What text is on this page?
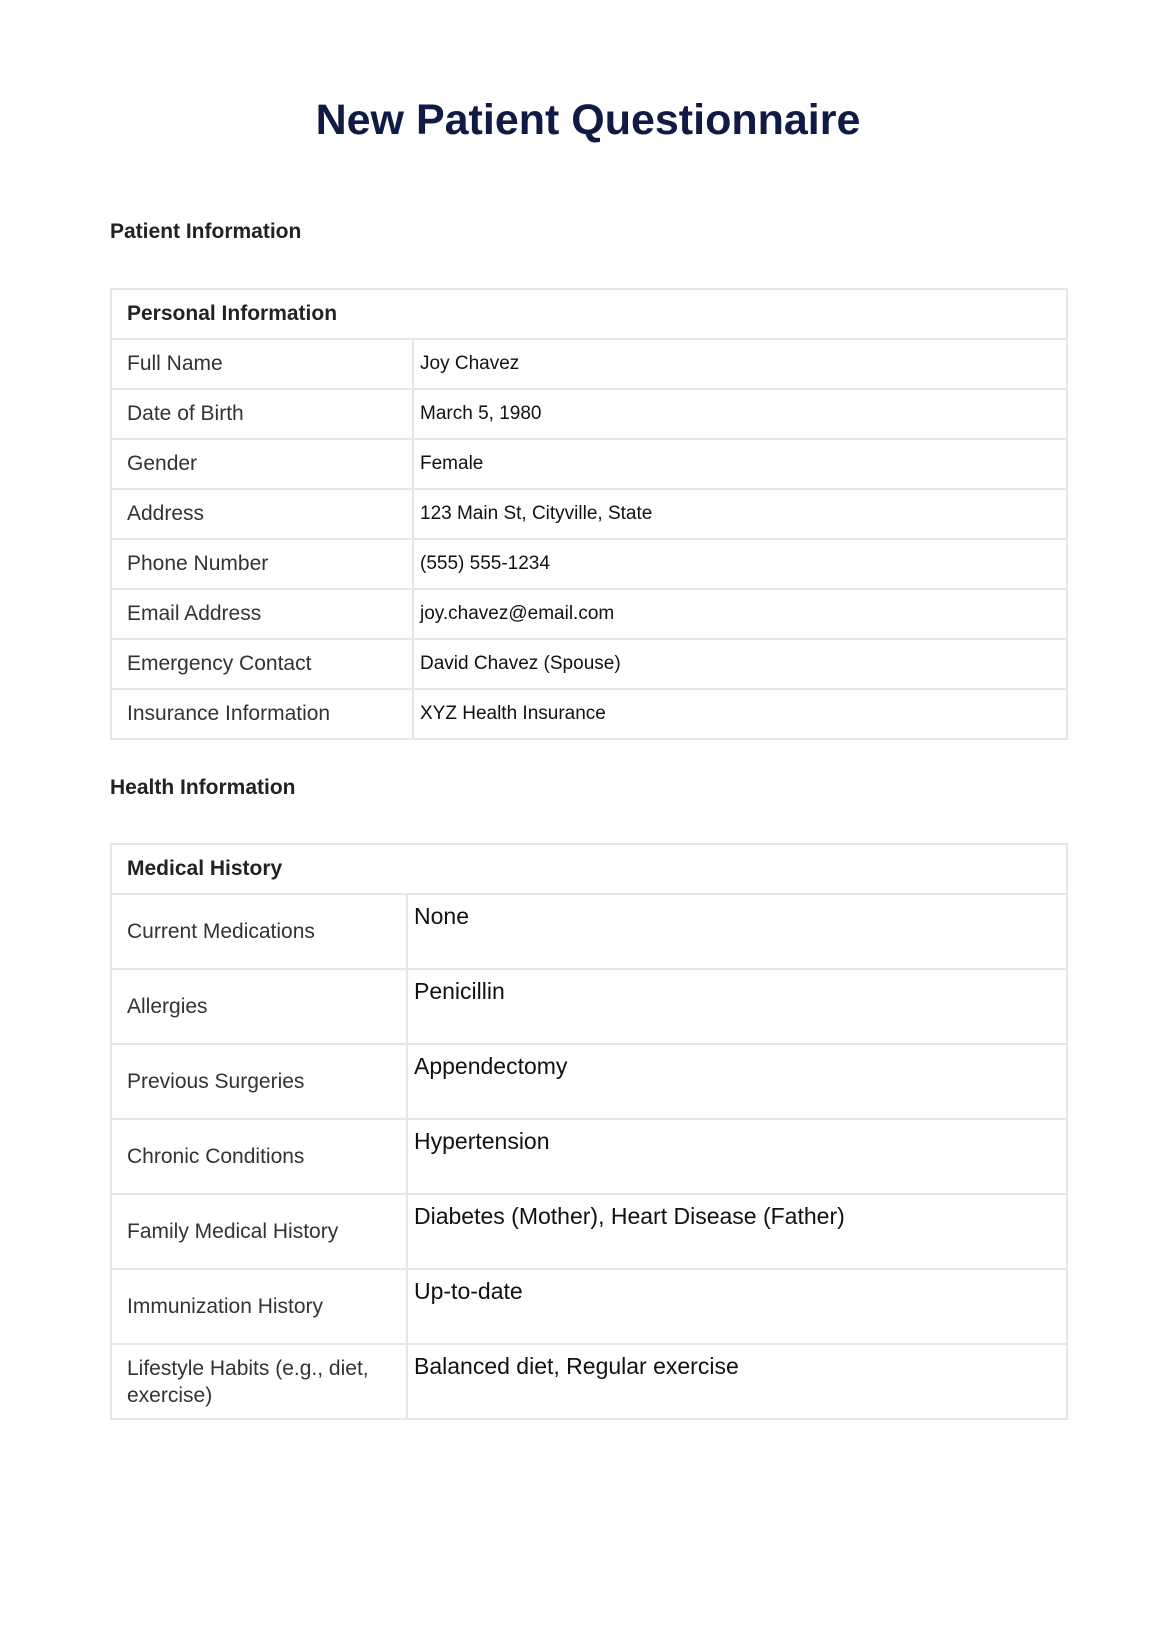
New Patient Questionnaire
Patient Information
Personal Information	
Full Name	Joy Chavez
Date of Birth	March 5, 1980
Gender	Female
Address	123 Main St, Cityville, State
Phone Number	(555) 555-1234
Email Address	joy.chavez@email.com
Emergency Contact	David Chavez (Spouse)
Insurance Information	XYZ Health Insurance
Health Information
Medical History	
Current Medications	None
Allergies	Penicillin
Previous Surgeries	Appendectomy
Chronic Conditions	Hypertension
Family Medical History	Diabetes (Mother), Heart Disease (Father)
Immunization History	Up-to-date
Lifestyle Habits (e.g., diet, exercise)	Balanced diet, Regular exercise
